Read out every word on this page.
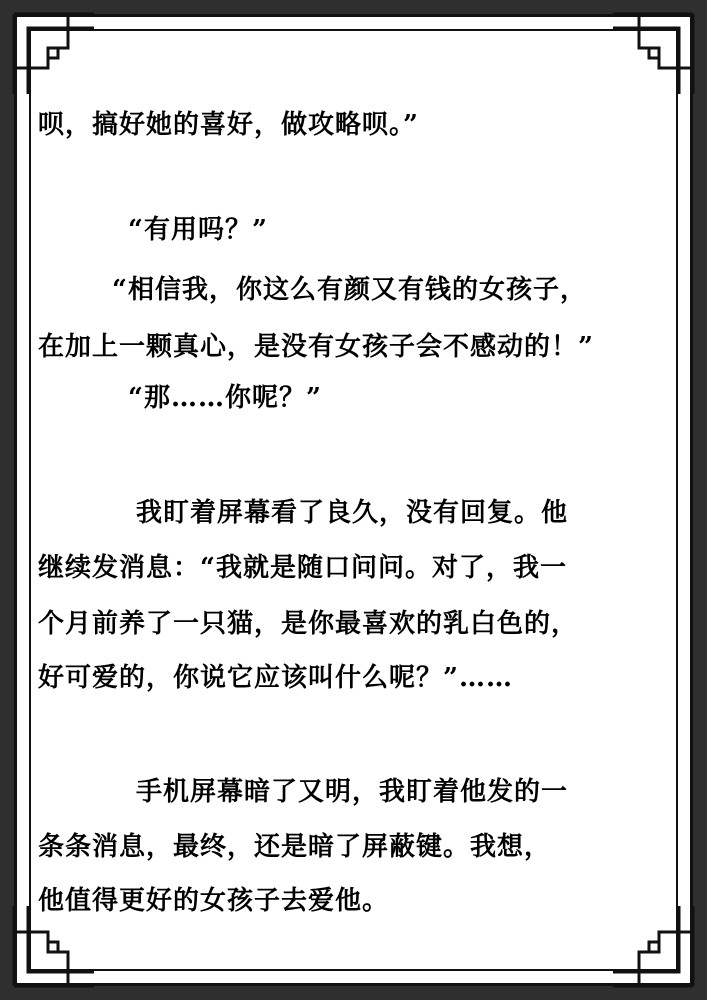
呗，搞好她的喜好，做攻略呗。”
“有用吗？”
“相信我，你这么有颜又有钱的女孩子，
在加上一颗真心，是没有女孩子会不感动的！”
“那……你呢？”
我盯着屏幕看了良久，没有回复。他
继续发消息：“我就是随口问问。对了，我一
个月前养了一只猫，是你最喜欢的乳白色的，
好可爱的，你说它应该叫什么呢？”……
手机屏幕暗了又明，我盯着他发的一
条条消息，最终，还是暗了屏蔽键。我想，
他值得更好的女孩子去爱他。
